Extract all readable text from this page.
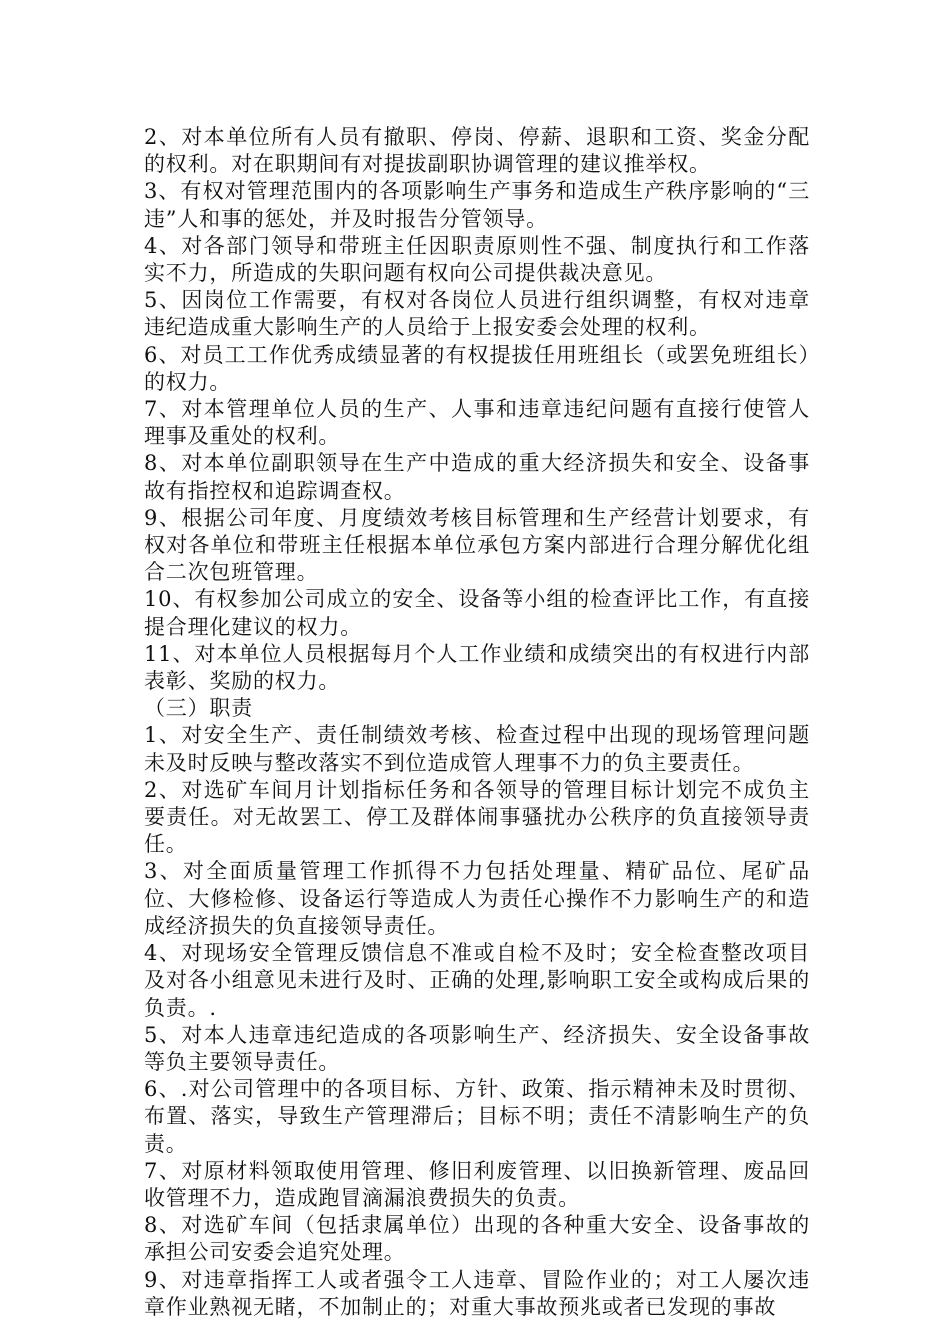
2、对本单位所有人员有撤职、停岗、停薪、退职和工资、奖金分配的权利。对在职期间有对提拔副职协调管理的建议推举权。

3、有权对管理范围内的各项影响生产事务和造成生产秩序影响的“三违”人和事的惩处，并及时报告分管领导。

4、对各部门领导和带班主任因职责原则性不强、制度执行和工作落实不力，所造成的失职问题有权向公司提供裁决意见。

5、因岗位工作需要，有权对各岗位人员进行组织调整，有权对违章违纪造成重大影响生产的人员给于上报安委会处理的权利。

6、对员工工作优秀成绩显著的有权提拔任用班组长（或罢免班组长）的权力。

7、对本管理单位人员的生产、人事和违章违纪问题有直接行使管人理事及重处的权利。

8、对本单位副职领导在生产中造成的重大经济损失和安全、设备事故有指控权和追踪调查权。

9、根据公司年度、月度绩效考核目标管理和生产经营计划要求，有权对各单位和带班主任根据本单位承包方案内部进行合理分解优化组合二次包班管理。

10、有权参加公司成立的安全、设备等小组的检查评比工作，有直接提合理化建议的权力。

11、对本单位人员根据每月个人工作业绩和成绩突出的有权进行内部表彰、奖励的权力。

（三）职责

1、对安全生产、责任制绩效考核、检查过程中出现的现场管理问题未及时反映与整改落实不到位造成管人理事不力的负主要责任。

2、对选矿车间月计划指标任务和各领导的管理目标计划完不成负主要责任。对无故罢工、停工及群体闹事骚扰办公秩序的负直接领导责任。

3、对全面质量管理工作抓得不力包括处理量、精矿品位、尾矿品位、大修检修、设备运行等造成人为责任心操作不力影响生产的和造成经济损失的负直接领导责任。

4、对现场安全管理反馈信息不准或自检不及时；安全检查整改项目及对各小组意见未进行及时、正确的处理,影响职工安全或构成后果的负责。.

5、对本人违章违纪造成的各项影响生产、经济损失、安全设备事故等负主要领导责任。

6、.对公司管理中的各项目标、方针、政策、指示精神未及时贯彻、布置、落实，导致生产管理滞后；目标不明；责任不清影响生产的负责。

7、对原材料领取使用管理、修旧利废管理、以旧换新管理、废品回收管理不力，造成跑冒滴漏浪费损失的负责。

8、对选矿车间（包括隶属单位）出现的各种重大安全、设备事故的承担公司安委会追究处理。

9、对违章指挥工人或者强令工人违章、冒险作业的；对工人屡次违章作业熟视无睹，不加制止的；对重大事故预兆或者已发现的事故
